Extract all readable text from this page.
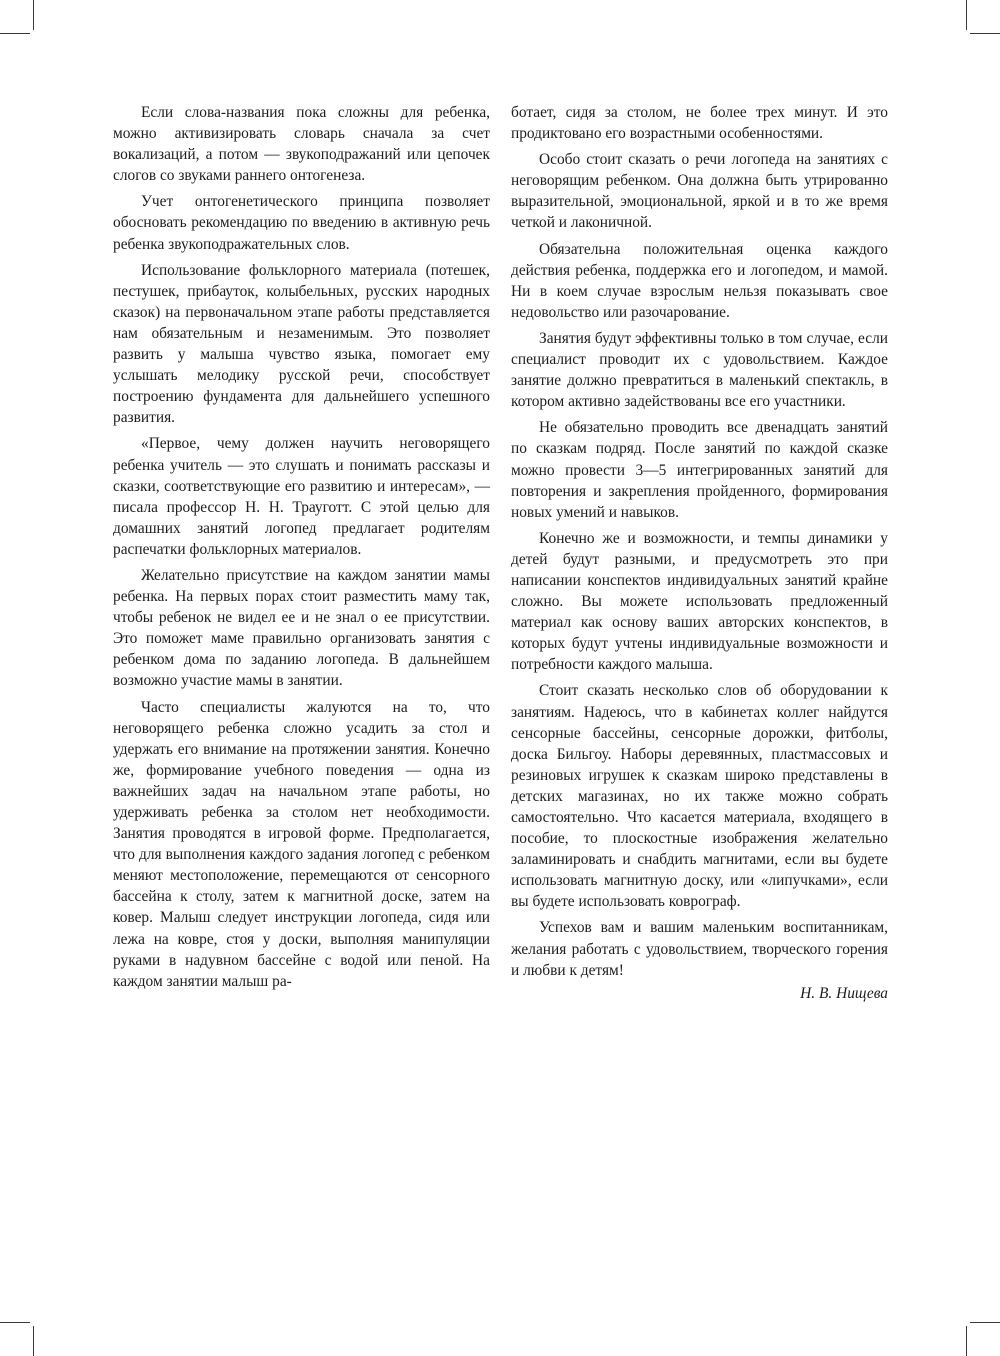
Если слова-названия пока сложны для ребенка, можно активизировать словарь сначала за счет вокализаций, а потом — звукоподражаний или цепочек слогов со звуками раннего онтогенеза.

Учет онтогенетического принципа позволяет обосновать рекомендацию по введению в активную речь ребенка звукоподражательных слов.

Использование фольклорного материала (потешек, пестушек, прибауток, колыбельных, русских народных сказок) на первоначальном этапе работы представляется нам обязательным и незаменимым. Это позволяет развить у малыша чувство языка, помогает ему услышать мелодику русской речи, способствует построению фундамента для дальнейшего успешного развития.

«Первое, чему должен научить неговорящего ребенка учитель — это слушать и понимать рассказы и сказки, соответствующие его развитию и интересам», — писала профессор Н. Н. Трауготт. С этой целью для домашних занятий логопед предлагает родителям распечатки фольклорных материалов.

Желательно присутствие на каждом занятии мамы ребенка. На первых порах стоит разместить маму так, чтобы ребенок не видел ее и не знал о ее присутствии. Это поможет маме правильно организовать занятия с ребенком дома по заданию логопеда. В дальнейшем возможно участие мамы в занятии.

Часто специалисты жалуются на то, что неговорящего ребенка сложно усадить за стол и удержать его внимание на протяжении занятия. Конечно же, формирование учебного поведения — одна из важнейших задач на начальном этапе работы, но удерживать ребенка за столом нет необходимости. Занятия проводятся в игровой форме. Предполагается, что для выполнения каждого задания логопед с ребенком меняют местоположение, перемещаются от сенсорного бассейна к столу, затем к магнитной доске, затем на ковер. Малыш следует инструкции логопеда, сидя или лежа на ковре, стоя у доски, выполняя манипуляции руками в надувном бассейне с водой или пеной. На каждом занятии малыш ра-

ботает, сидя за столом, не более трех минут. И это продиктовано его возрастными особенностями.

Особо стоит сказать о речи логопеда на занятиях с неговорящим ребенком. Она должна быть утрированно выразительной, эмоциональной, яркой и в то же время четкой и лаконичной.

Обязательна положительная оценка каждого действия ребенка, поддержка его и логопедом, и мамой. Ни в коем случае взрослым нельзя показывать свое недовольство или разочарование.

Занятия будут эффективны только в том случае, если специалист проводит их с удовольствием. Каждое занятие должно превратиться в маленький спектакль, в котором активно задействованы все его участники.

Не обязательно проводить все двенадцать занятий по сказкам подряд. После занятий по каждой сказке можно провести 3—5 интегрированных занятий для повторения и закрепления пройденного, формирования новых умений и навыков.

Конечно же и возможности, и темпы динамики у детей будут разными, и предусмотреть это при написании конспектов индивидуальных занятий крайне сложно. Вы можете использовать предложенный материал как основу ваших авторских конспектов, в которых будут учтены индивидуальные возможности и потребности каждого малыша.

Стоит сказать несколько слов об оборудовании к занятиям. Надеюсь, что в кабинетах коллег найдутся сенсорные бассейны, сенсорные дорожки, фитболы, доска Бильгоу. Наборы деревянных, пластмассовых и резиновых игрушек к сказкам широко представлены в детских магазинах, но их также можно собрать самостоятельно. Что касается материала, входящего в пособие, то плоскостные изображения желательно заламинировать и снабдить магнитами, если вы будете использовать магнитную доску, или «липучками», если вы будете использовать коврограф.

Успехов вам и вашим маленьким воспитанникам, желания работать с удовольствием, творческого горения и любви к детям!

Н. В. Нищева
